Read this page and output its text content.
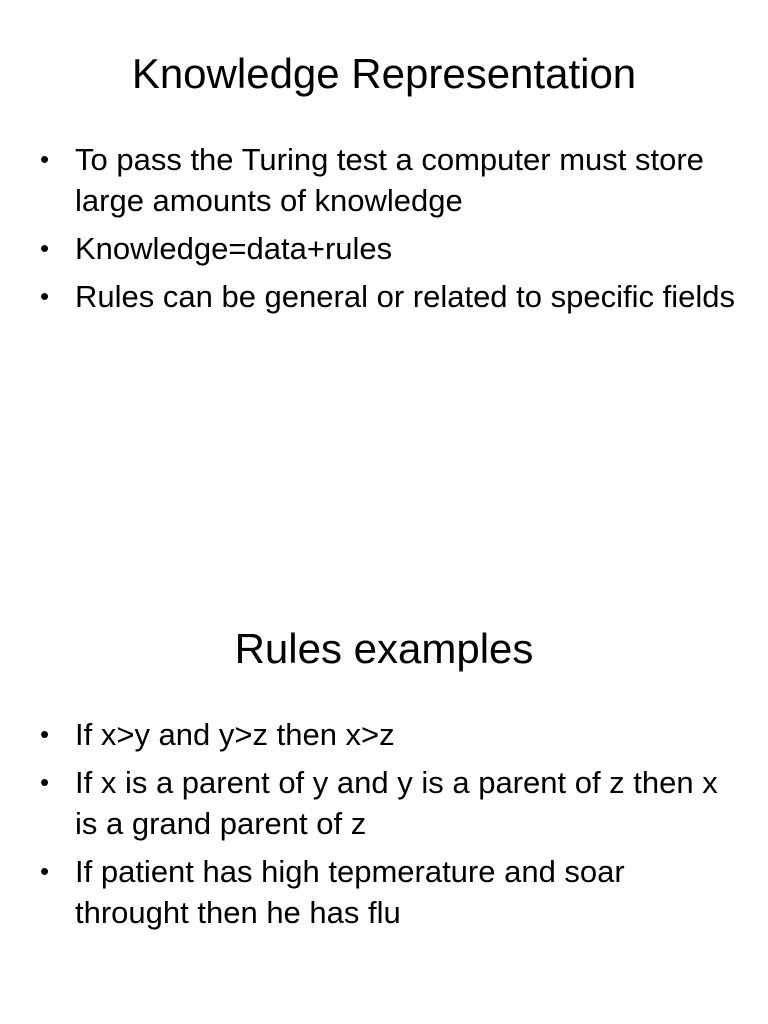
Knowledge Representation
• To pass the Turing test a computer must store large amounts of knowledge
• Knowledge=data+rules
• Rules can be general or related to specific fields
Rules examples
• If x>y and y>z then x>z
• If x is a parent of y and y is a parent of z then x is a grand parent of z
• If patient has high tepmerature and soar throught then he has flu
